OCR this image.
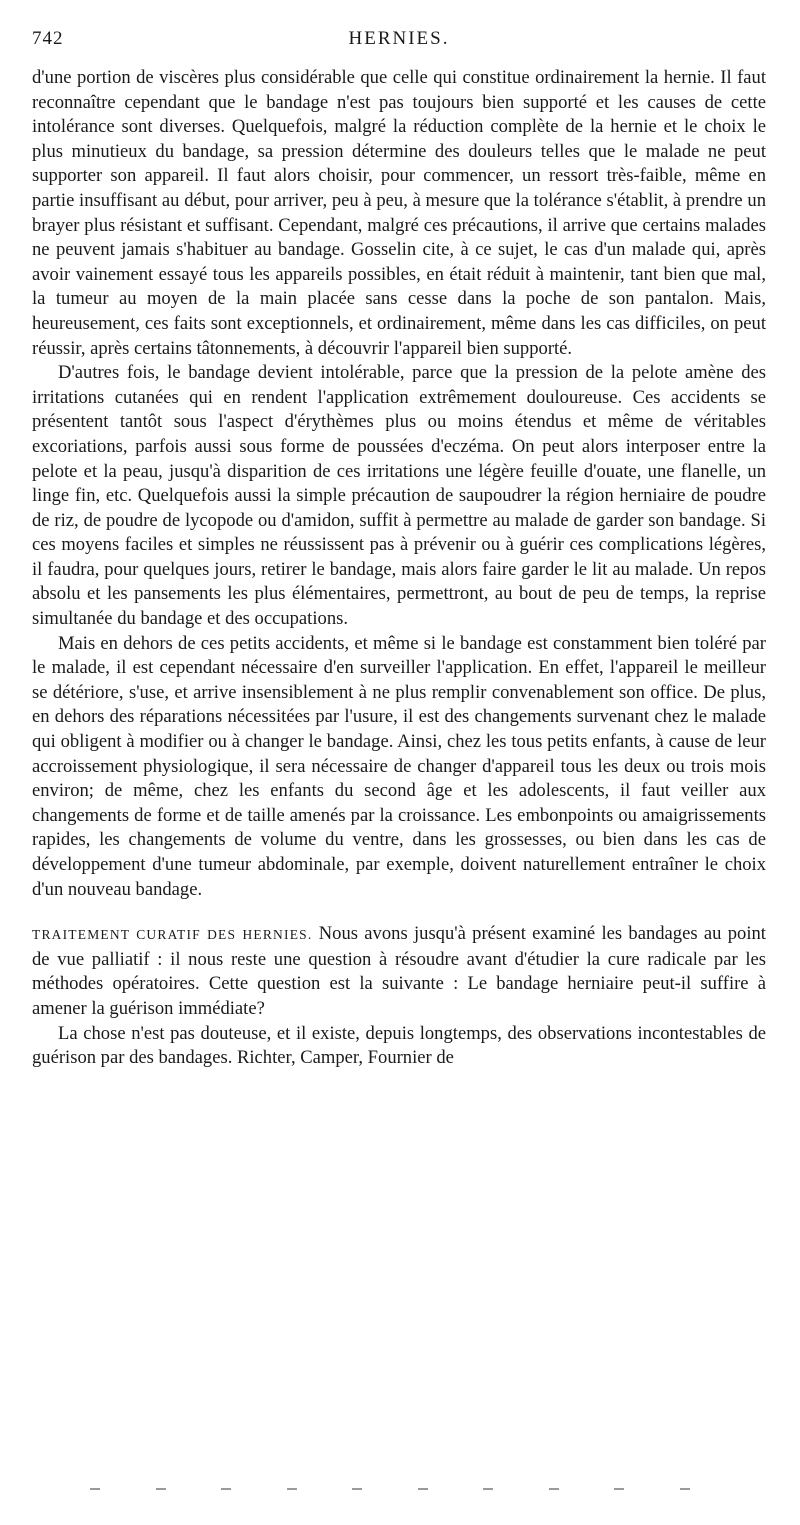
742	HERNIES.

d'une portion de viscères plus considérable que celle qui constitue ordinairement la hernie. Il faut reconnaître cependant que le bandage n'est pas toujours bien supporté et les causes de cette intolérance sont diverses. Quelquefois, malgré la réduction complète de la hernie et le choix le plus minutieux du bandage, sa pression détermine des douleurs telles que le malade ne peut supporter son appareil. Il faut alors choisir, pour commencer, un ressort très-faible, même en partie insuffisant au début, pour arriver, peu à peu, à mesure que la tolérance s'établit, à prendre un brayer plus résistant et suffisant. Cependant, malgré ces précautions, il arrive que certains malades ne peuvent jamais s'habituer au bandage. Gosselin cite, à ce sujet, le cas d'un malade qui, après avoir vainement essayé tous les appareils possibles, en était réduit à maintenir, tant bien que mal, la tumeur au moyen de la main placée sans cesse dans la poche de son pantalon. Mais, heureusement, ces faits sont exceptionnels, et ordinairement, même dans les cas difficiles, on peut réussir, après certains tâtonnements, à découvrir l'appareil bien supporté.

D'autres fois, le bandage devient intolérable, parce que la pression de la pelote amène des irritations cutanées qui en rendent l'application extrêmement douloureuse. Ces accidents se présentent tantôt sous l'aspect d'érythèmes plus ou moins étendus et même de véritables excoriations, parfois aussi sous forme de poussées d'eczéma. On peut alors interposer entre la pelote et la peau, jusqu'à disparition de ces irritations une légère feuille d'ouate, une flanelle, un linge fin, etc. Quelquefois aussi la simple précaution de saupoudrer la région herniaire de poudre de riz, de poudre de lycopode ou d'amidon, suffit à permettre au malade de garder son bandage. Si ces moyens faciles et simples ne réussissent pas à prévenir ou à guérir ces complications légères, il faudra, pour quelques jours, retirer le bandage, mais alors faire garder le lit au malade. Un repos absolu et les pansements les plus élémentaires, permettront, au bout de peu de temps, la reprise simultanée du bandage et des occupations.

Mais en dehors de ces petits accidents, et même si le bandage est constamment bien toléré par le malade, il est cependant nécessaire d'en surveiller l'application. En effet, l'appareil le meilleur se détériore, s'use, et arrive insensiblement à ne plus remplir convenablement son office. De plus, en dehors des réparations nécessitées par l'usure, il est des changements survenant chez le malade qui obligent à modifier ou à changer le bandage. Ainsi, chez les tous petits enfants, à cause de leur accroissement physiologique, il sera nécessaire de changer d'appareil tous les deux ou trois mois environ; de même, chez les enfants du second âge et les adolescents, il faut veiller aux changements de forme et de taille amenés par la croissance. Les embonpoints ou amaigrissements rapides, les changements de volume du ventre, dans les grossesses, ou bien dans les cas de développement d'une tumeur abdominale, par exemple, doivent naturellement entraîner le choix d'un nouveau bandage.

TRAITEMENT CURATIF DES HERNIES. Nous avons jusqu'à présent examiné les bandages au point de vue palliatif : il nous reste une question à résoudre avant d'étudier la cure radicale par les méthodes opératoires. Cette question est la suivante : Le bandage herniaire peut-il suffire à amener la guérison immédiate?

La chose n'est pas douteuse, et il existe, depuis longtemps, des observations incontestables de guérison par des bandages. Richter, Camper, Fournier de
